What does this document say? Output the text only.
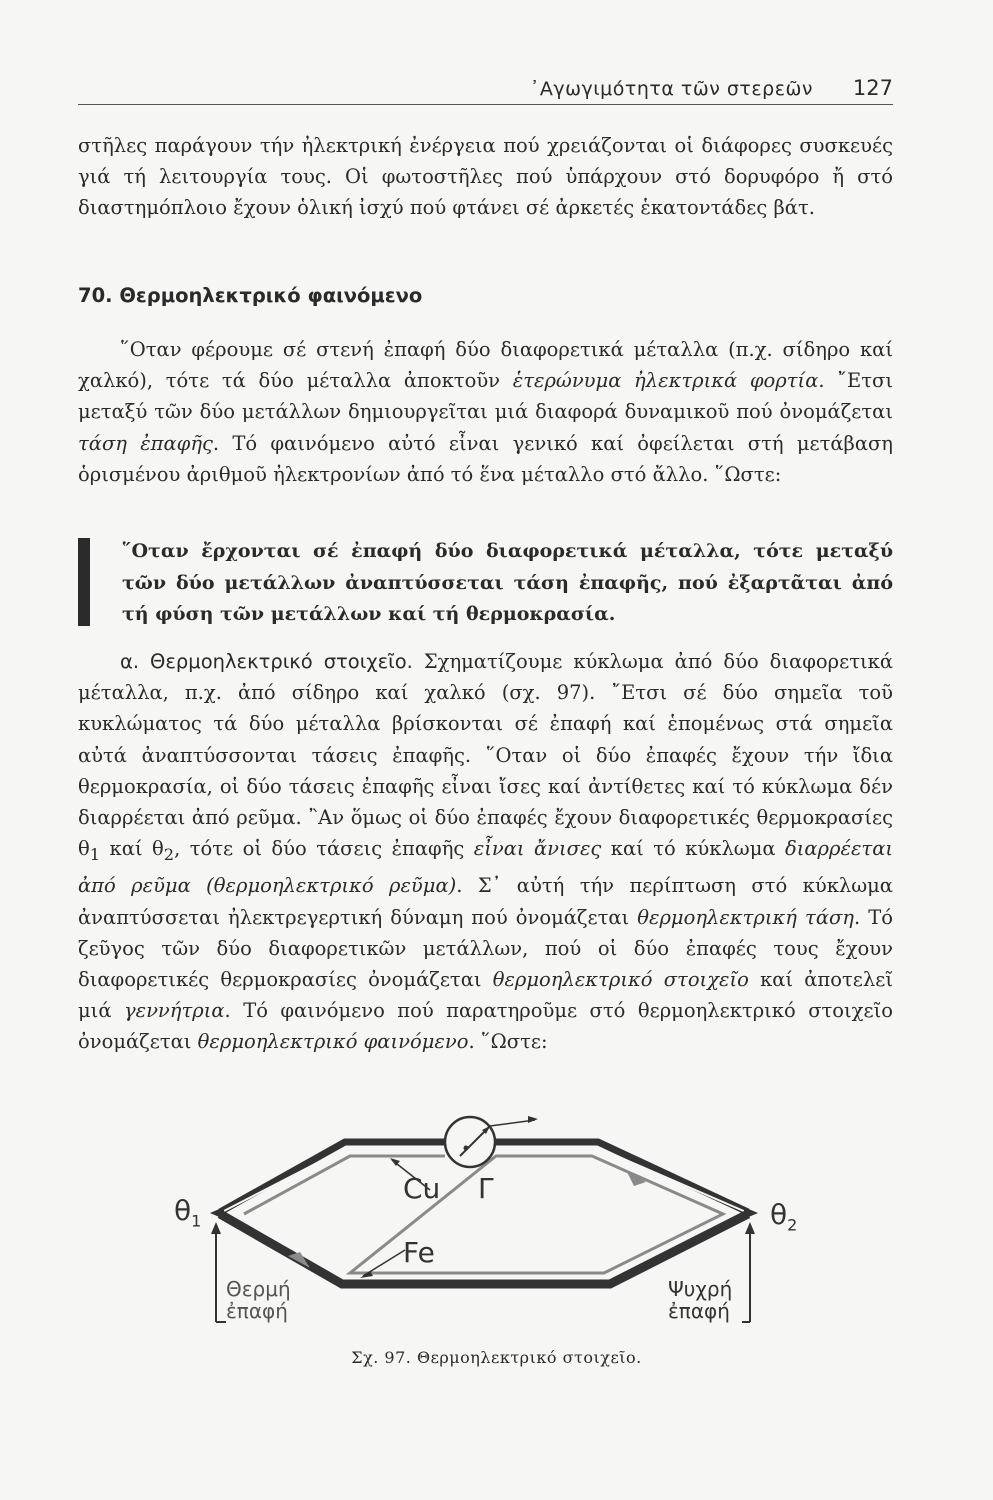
᾿Αγωγιμότητα τῶν στερεῶν 127

στῆλες παράγουν τήν ἠλεκτρική ἐνέργεια πού χρειάζονται οἱ διάφορες συσκευές γιά τή λειτουργία τους. Οἱ φωτοστῆλες πού ὑπάρχουν στό δορυφόρο ἤ στό διαστημόπλοιο ἔχουν ὁλική ἰσχύ πού φτάνει σέ ἀρκετές ἑκατοντάδες βάτ.

70. Θερμοηλεκτρικό φαινόμενο

῞Οταν φέρουμε σέ στενή ἐπαφή δύο διαφορετικά μέταλλα (π.χ. σίδηρο καί χαλκό), τότε τά δύο μέταλλα ἀποκτοῦν ἑτερώνυμα ἠλεκτρικά φορτία. ῎Ετσι μεταξύ τῶν δύο μετάλλων δημιουργεῖται μιά διαφορά δυναμικοῦ πού ὀνομάζεται τάση ἐπαφῆς. Τό φαινόμενο αὐτό εἶναι γενικό καί ὀφείλεται στή μετάβαση ὁρισμένου ἀριθμοῦ ἠλεκτρονίων ἀπό τό ἕνα μέταλλο στό ἄλλο. ῞Ωστε:

῞Οταν ἔρχονται σέ ἐπαφή δύο διαφορετικά μέταλλα, τότε μεταξύ τῶν δύο μετάλλων ἀναπτύσσεται τάση ἐπαφῆς, πού ἐξαρτᾶται ἀπό τή φύση τῶν μετάλλων καί τή θερμοκρασία.

α. Θερμοηλεκτρικό στοιχεῖο. Σχηματίζουμε κύκλωμα ἀπό δύο διαφορετικά μέταλλα, π.χ. ἀπό σίδηρο καί χαλκό (σχ. 97). ῎Ετσι σέ δύο σημεῖα τοῦ κυκλώματος τά δύο μέταλλα βρίσκονται σέ ἐπαφή καί ἑπομένως στά σημεῖα αὐτά ἀναπτύσσονται τάσεις ἐπαφῆς. ῞Οταν οἱ δύο ἐπαφές ἔχουν τήν ἴδια θερμοκρασία, οἱ δύο τάσεις ἐπαφῆς εἶναι ἴσες καί ἀντίθετες καί τό κύκλωμα δέν διαρρέεται ἀπό ρεῦμα. ῍Αν ὅμως οἱ δύο ἐπαφές ἔχουν διαφορετικές θερμοκρασίες $\theta_1$ καί $\theta_2$, τότε οἱ δύο τάσεις ἐπαφῆς εἶναι ἄνισες καί τό κύκλωμα διαρρέεται ἀπό ρεῦμα (θερμοηλεκτρικό ρεῦμα). Σ᾿ αὐτή τήν περίπτωση στό κύκλωμα ἀναπτύσσεται ἠλεκτρεγερτική δύναμη πού ὀνομάζεται θερμοηλεκτρική τάση. Τό ζεῦγος τῶν δύο διαφορετικῶν μετάλλων, πού οἱ δύο ἐπαφές τους ἔχουν διαφορετικές θερμοκρασίες ὀνομάζεται θερμοηλεκτρικό στοιχεῖο καί ἀποτελεῖ μιά γεννήτρια. Τό φαινόμενο πού παρατηροῦμε στό θερμοηλεκτρικό στοιχεῖο ὀνομάζεται θερμοηλεκτρικό φαινόμενο. ῞Ωστε:

Cu Γ
Fe
$\theta_1$	$\theta_2$
Θερμή
ἐπαφή
Ψυχρή
ἐπαφή
Σχ. 97. Θερμοηλεκτρικό στοιχεῖο.
